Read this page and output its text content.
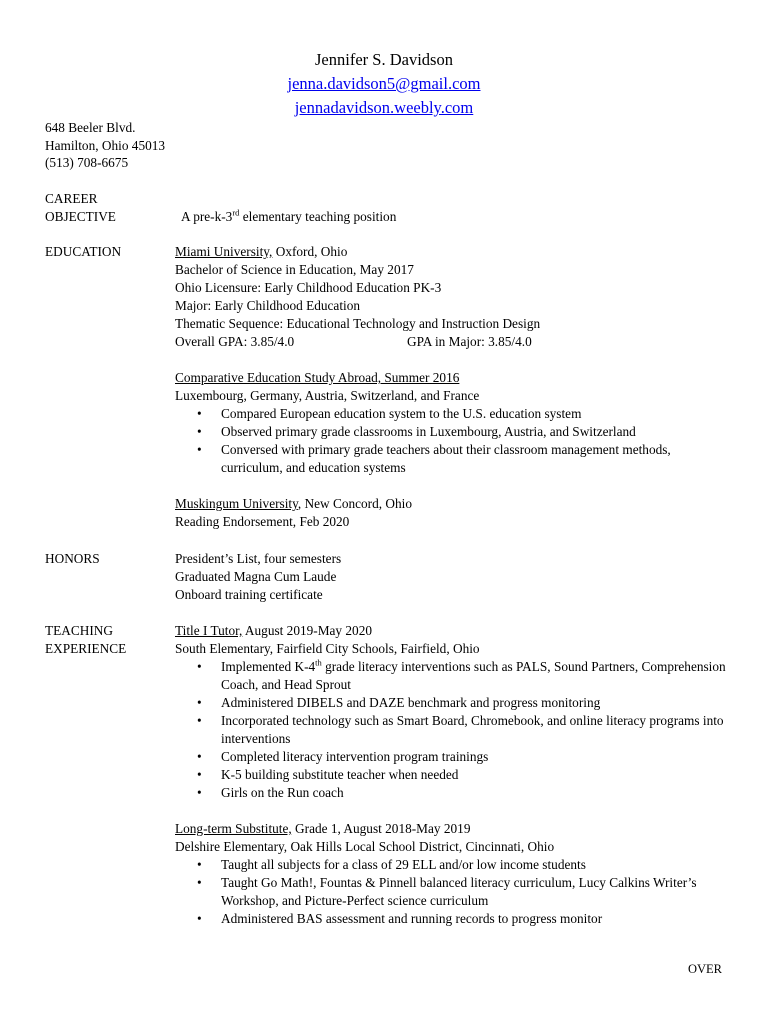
Jennifer S. Davidson
jenna.davidson5@gmail.com
jennadavidson.weebly.com
648 Beeler Blvd.
Hamilton, Ohio 45013
(513) 708-6675
CAREER
OBJECTIVE	A pre-k-3rd elementary teaching position
EDUCATION	Miami University, Oxford, Ohio
Bachelor of Science in Education, May 2017
Ohio Licensure: Early Childhood Education PK-3
Major: Early Childhood Education
Thematic Sequence: Educational Technology and Instruction Design
Overall GPA: 3.85/4.0	GPA in Major: 3.85/4.0
Comparative Education Study Abroad, Summer 2016
Luxembourg, Germany, Austria, Switzerland, and France
• Compared European education system to the U.S. education system
• Observed primary grade classrooms in Luxembourg, Austria, and Switzerland
• Conversed with primary grade teachers about their classroom management methods, curriculum, and education systems
Muskingum University, New Concord, Ohio
Reading Endorsement, Feb 2020
HONORS	President’s List, four semesters
Graduated Magna Cum Laude
Onboard training certificate
TEACHING
EXPERIENCE
Title I Tutor, August 2019-May 2020
South Elementary, Fairfield City Schools, Fairfield, Ohio
• Implemented K-4th grade literacy interventions such as PALS, Sound Partners, Comprehension Coach, and Head Sprout
• Administered DIBELS and DAZE benchmark and progress monitoring
• Incorporated technology such as Smart Board, Chromebook, and online literacy programs into interventions
• Completed literacy intervention program trainings
• K-5 building substitute teacher when needed
• Girls on the Run coach
Long-term Substitute, Grade 1, August 2018-May 2019
Delshire Elementary, Oak Hills Local School District, Cincinnati, Ohio
• Taught all subjects for a class of 29 ELL and/or low income students
• Taught Go Math!, Fountas & Pinnell balanced literacy curriculum, Lucy Calkins Writer’s Workshop, and Picture-Perfect science curriculum
• Administered BAS assessment and running records to progress monitor
OVER
